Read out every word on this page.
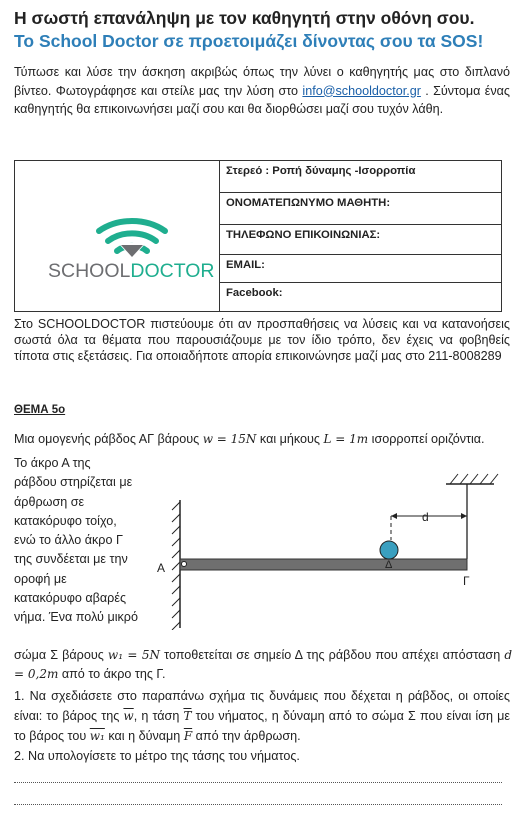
Η σωστή επανάληψη με τον καθηγητή στην οθόνη σου.
Το School Doctor σε προετοιμάζει δίνοντας σου τα SOS!
Τύπωσε και λύσε την άσκηση ακριβώς όπως την λύνει ο καθηγητής μας στο διπλανό βίντεο. Φωτογράφησε και στείλε μας την λύση στο info@schooldoctor.gr . Σύντομα ένας καθηγητής θα επικοινωνήσει μαζί σου και θα διορθώσει μαζί σου τυχόν λάθη.
SCHOOLDOCTOR
Στερεό : Ροπή δύναμης -Ισορροπία
ΟΝΟΜΑΤΕΠΩΝΥΜΟ ΜΑΘΗΤΗ:
ΤΗΛΕΦΩΝΟ ΕΠΙΚΟΙΝΩΝΙΑΣ:
EMAIL:
Facebook:
Στο SCHOOLDOCTOR πιστεύουμε ότι αν προσπαθήσεις να λύσεις και να κατανοήσεις σωστά όλα τα θέματα που παρουσιάζουμε με τον ίδιο τρόπο, δεν έχεις να φοβηθείς τίποτα στις εξετάσεις. Για οποιαδήποτε απορία επικοινώνησε μαζί μας στο 211-8008289
ΘΕΜΑ 5ο
Μια ομογενής ράβδος ΑΓ βάρους w = 15N και μήκους L = 1m ισορροπεί οριζόντια.
Το άκρο Α της
ράβδου στηρίζεται με
άρθρωση σε
κατακόρυφο τοίχο,
ενώ το άλλο άκρο Γ
της συνδέεται με την
οροφή με
κατακόρυφο αβαρές
νήμα. Ένα πολύ μικρό
d
Α	Δ
Γ
σώμα Σ βάρους w₁ = 5N τοποθετείται σε σημείο Δ της ράβδου που απέχει απόσταση d = 0,2m από το άκρο της Γ.
1. Να σχεδιάσετε στο παραπάνω σχήμα τις δυνάμεις που δέχεται η ράβδος, οι οποίες είναι: το βάρος της $\overline{w}$, η τάση $\overline{T}$ του νήματος, η δύναμη από το σώμα Σ που είναι ίση με το βάρος του w₁ και η δύναμη $\overline{F}$ από την άρθρωση.
2. Να υπολογίσετε το μέτρο της τάσης του νήματος.
